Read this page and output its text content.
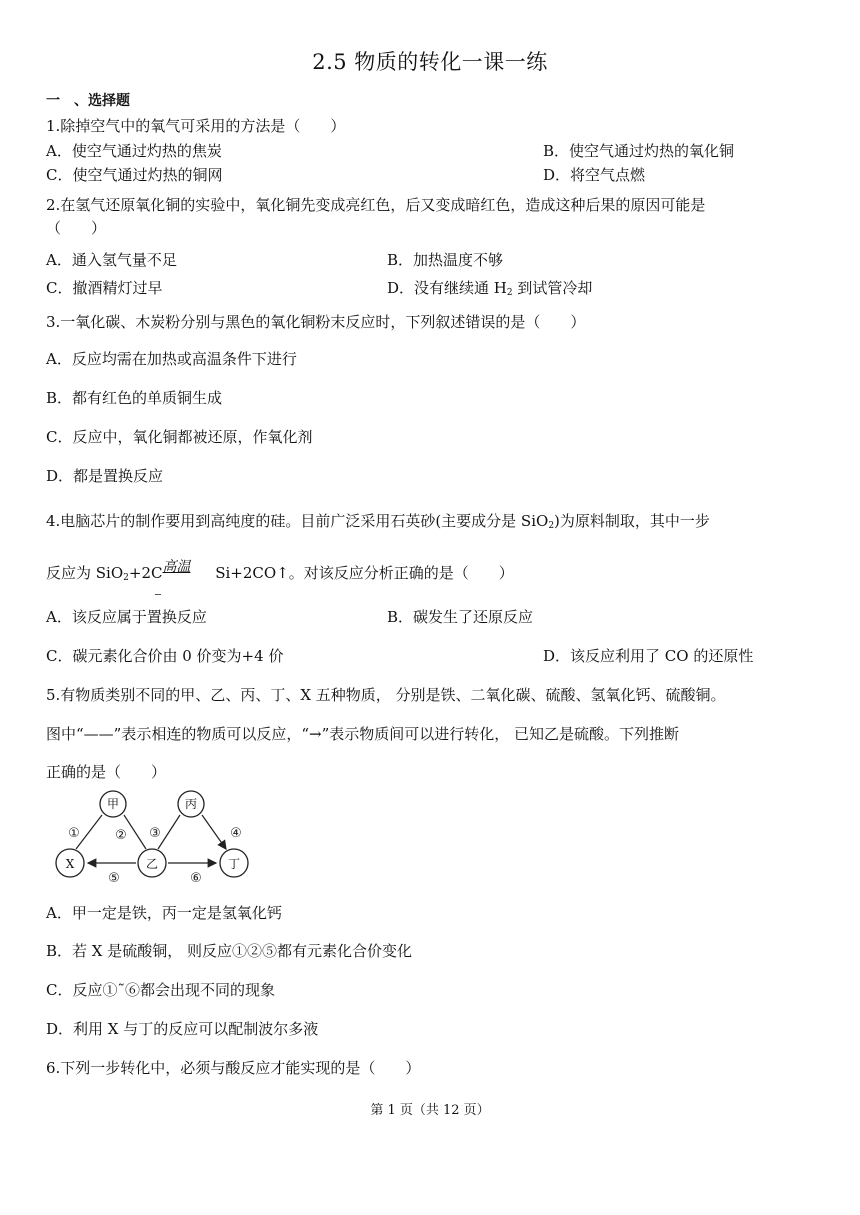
2.5 物质的转化一课一练
一　、选择题
1.除掉空气中的氧气可采用的方法是（　　）
A．使空气通过灼热的焦炭	B．使空气通过灼热的氧化铜
C．使空气通过灼热的铜网	D．将空气点燃
2.在氢气还原氧化铜的实验中，氧化铜先变成亮红色，后又变成暗红色，造成这种后果的原因可能是
（　　）
A．通入氢气量不足	B．加热温度不够
C．撤酒精灯过早	D．没有继续通 $H_2$ 到试管冷却
3.一氧化碳、木炭粉分别与黑色的氧化铜粉末反应时，下列叙述错误的是（　　）
A．反应均需在加热或高温条件下进行
B．都有红色的单质铜生成
C．反应中，氧化铜都被还原，作氧化剂
D．都是置换反应
4.电脑芯片的制作要用到高纯度的硅。目前广泛采用石英砂(主要成分是 SiO$_2$)为原料制取，其中一步
反应为 SiO$_2$+2C 高温 Si+2CO↑。对该反应分析正确的是（　　）
A．该反应属于置换反应	B．碳发生了还原反应
C．碳元素化合价由 0 价变为+4 价	D．该反应利用了 CO 的还原性
5.有物质类别不同的甲、乙、丙、丁、X 五种物质， 分别是铁、二氧化碳、硫酸、氢氧化钙、硫酸铜。
图中“——”表示相连的物质可以反应，“→”表示物质间可以进行转化， 已知乙是硫酸。下列推断
正确的是（　　）
甲	丙
X	乙	丁
①	② ③	④
⑤	⑥
A．甲一定是铁，丙一定是氢氧化钙
B．若 X 是硫酸铜， 则反应①②⑤都有元素化合价变化
C．反应①˜⑥都会出现不同的现象
D．利用 X 与丁的反应可以配制波尔多液
6.下列一步转化中，必须与酸反应才能实现的是（　　）
第 1 页（共 12 页）
